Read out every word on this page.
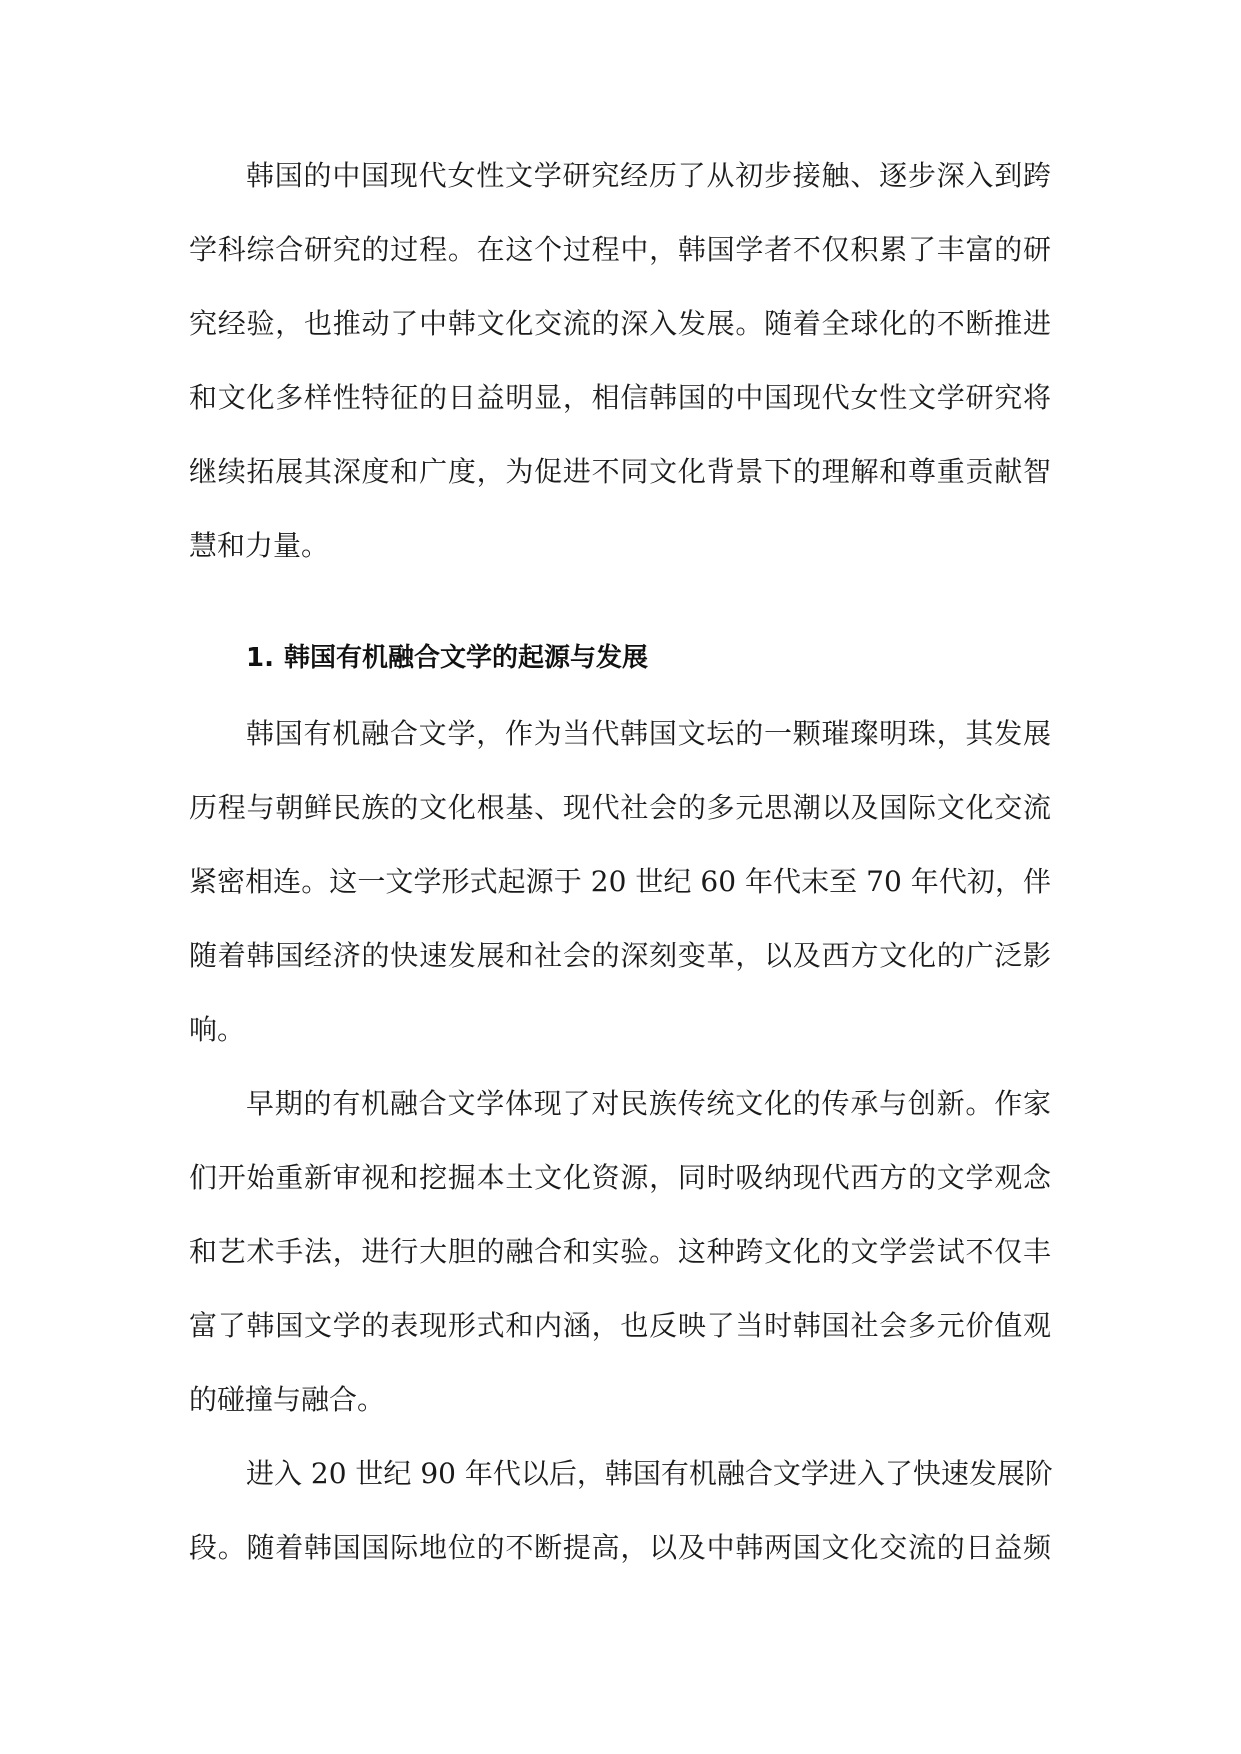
韩国的中国现代女性文学研究经历了从初步接触、逐步深入到跨
学科综合研究的过程。在这个过程中，韩国学者不仅积累了丰富的研
究经验，也推动了中韩文化交流的深入发展。随着全球化的不断推进
和文化多样性特征的日益明显，相信韩国的中国现代女性文学研究将
继续拓展其深度和广度，为促进不同文化背景下的理解和尊重贡献智
慧和力量。
1. 韩国有机融合文学的起源与发展
韩国有机融合文学，作为当代韩国文坛的一颗璀璨明珠，其发展
历程与朝鲜民族的文化根基、现代社会的多元思潮以及国际文化交流
紧密相连。这一文学形式起源于 20 世纪 60 年代末至 70 年代初，伴
随着韩国经济的快速发展和社会的深刻变革，以及西方文化的广泛影
响。
早期的有机融合文学体现了对民族传统文化的传承与创新。作家
们开始重新审视和挖掘本土文化资源，同时吸纳现代西方的文学观念
和艺术手法，进行大胆的融合和实验。这种跨文化的文学尝试不仅丰
富了韩国文学的表现形式和内涵，也反映了当时韩国社会多元价值观
的碰撞与融合。
进入 20 世纪 90 年代以后，韩国有机融合文学进入了快速发展阶
段。随着韩国国际地位的不断提高，以及中韩两国文化交流的日益频
